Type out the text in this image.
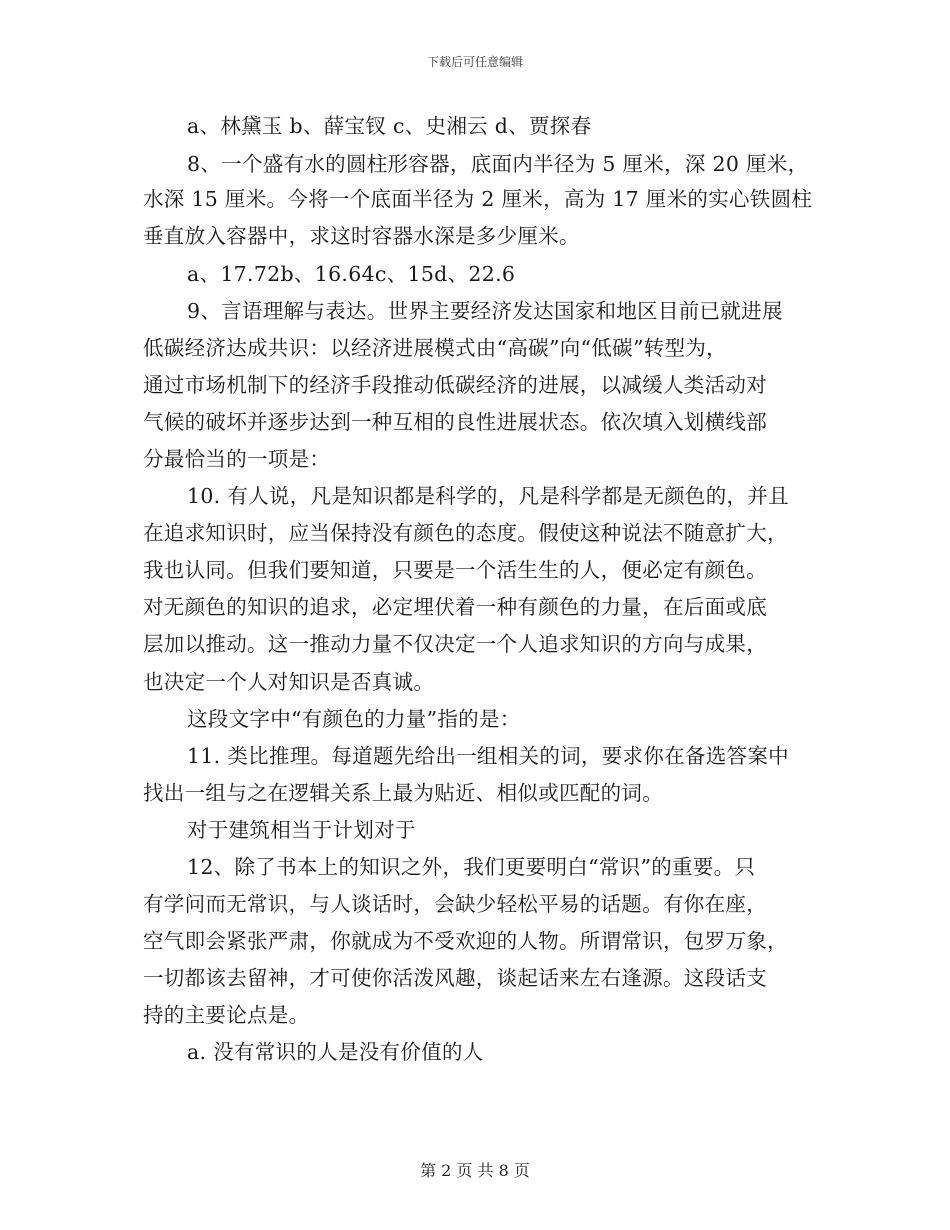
下载后可任意编辑
a、林黛玉 b、薛宝钗 c、史湘云 d、贾探春
8、一个盛有水的圆柱形容器，底面内半径为 5 厘米，深 20 厘米，
水深 15 厘米。今将一个底面半径为 2 厘米，高为 17 厘米的实心铁圆柱
垂直放入容器中，求这时容器水深是多少厘米。
a、17.72b、16.64c、15d、22.6
9、言语理解与表达。世界主要经济发达国家和地区目前已就进展
低碳经济达成共识：以经济进展模式由“高碳”向“低碳”转型为，
通过市场机制下的经济手段推动低碳经济的进展，以减缓人类活动对
气候的破坏并逐步达到一种互相的良性进展状态。依次填入划横线部
分最恰当的一项是：
10. 有人说，凡是知识都是科学的，凡是科学都是无颜色的，并且
在追求知识时，应当保持没有颜色的态度。假使这种说法不随意扩大，
我也认同。但我们要知道，只要是一个活生生的人，便必定有颜色。
对无颜色的知识的追求，必定埋伏着一种有颜色的力量，在后面或底
层加以推动。这一推动力量不仅决定一个人追求知识的方向与成果，
也决定一个人对知识是否真诚。
这段文字中“有颜色的力量”指的是：
11. 类比推理。每道题先给出一组相关的词，要求你在备选答案中
找出一组与之在逻辑关系上最为贴近、相似或匹配的词。
对于建筑相当于计划对于
12、除了书本上的知识之外，我们更要明白“常识”的重要。只
有学问而无常识，与人谈话时，会缺少轻松平易的话题。有你在座，
空气即会紧张严肃，你就成为不受欢迎的人物。所谓常识，包罗万象，
一切都该去留神，才可使你活泼风趣，谈起话来左右逢源。这段话支
持的主要论点是。
a. 没有常识的人是没有价值的人
第 2 页 共 8 页
